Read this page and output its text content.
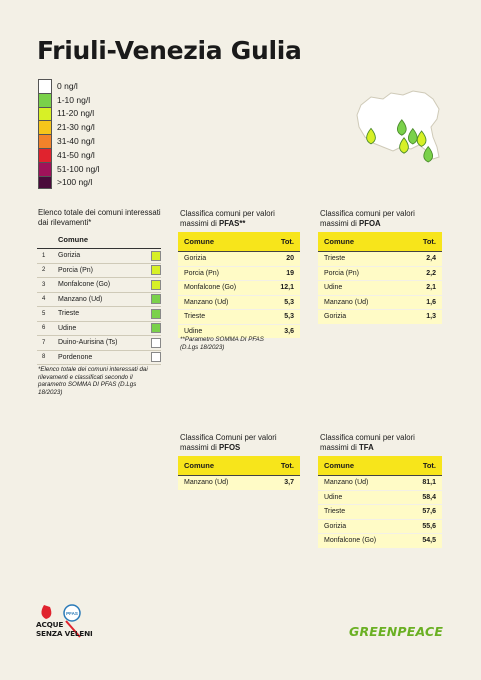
Friuli-Venezia Gulia
0 ng/l
1-10 ng/l
11-20 ng/l
21-30 ng/l
31-40 ng/l
41-50 ng/l
51-100 ng/l
>100 ng/l
Elenco totale dei comuni interessati dai rilevamenti*
	Comune	
1	Gorizia	

2	Porcia (Pn)	

3	Monfalcone (Go)	

4	Manzano (Ud)	

5	Trieste	

6	Udine	

7	Duino-Aurisina (Ts)	

8	Pordenone	
*Elenco totale dei comuni interessati dai rilevamenti e classificati secondo il parametro SOMMA DI PFAS (D.Lgs 18/2023)
Classifica comuni per valori massimi di PFAS**
Comune	Tot.
Gorizia	20
Porcia (Pn)	19
Monfalcone (Go)	12,1
Manzano (Ud)	5,3
Trieste	5,3
Udine	3,6
**Parametro SOMMA DI PFAS (D.Lgs 18/2023)
Classifica comuni per valori massimi di PFOA
Comune	Tot.
Trieste	2,4
Porcia (Pn)	2,2
Udine	2,1
Manzano (Ud)	1,6
Gorizia	1,3
Classifica Comuni per valori massimi di PFOS
Comune	Tot.
Manzano (Ud)	3,7
Classifica comuni per valori massimi di TFA
Comune	Tot.
Manzano (Ud)	81,1
Udine	58,4
Trieste	57,6
Gorizia	55,6
Monfalcone (Go)	54,5
PFAS
ACQUE
SENZA VELENI	GREENPEACE
